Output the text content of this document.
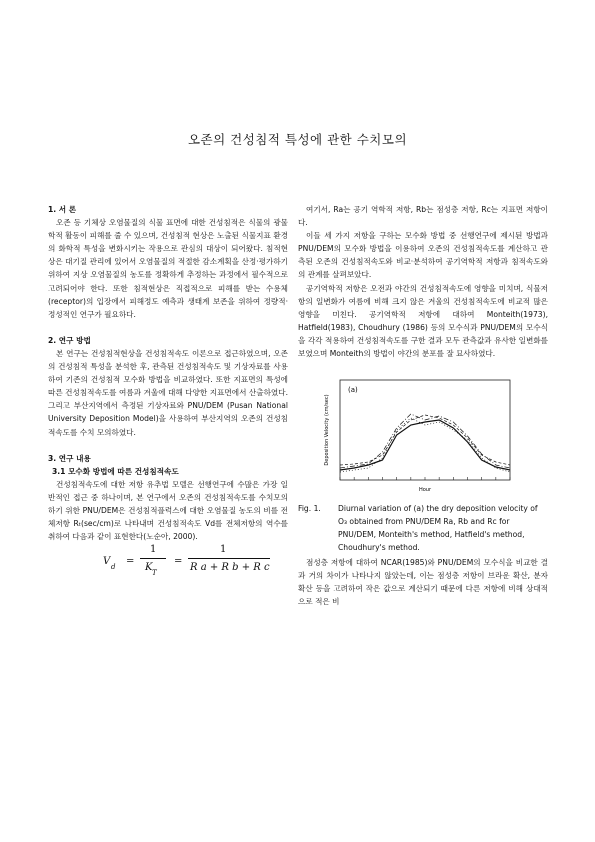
오존의 건성침적 특성에 관한 수치모의

1. 서 론

오존 등 기체상 오염물질의 식물 표면에 대한 건성침적은 식물의 광물학적 활동이 피해를 줄 수 있으며, 건성침적 현상은 노출된 식물지표 환경의 화학적 특성을 변화시키는 작용으로 관심의 대상이 되어왔다. 침적현상은 대기질 관리에 있어서 오염물질의 적절한 감소계획을 산정·평가하기 위하여 지상 오염물질의 농도를 정확하게 추정하는 과정에서 필수적으로 고려되어야 한다. 또한 침적현상은 직접적으로 피해를 받는 수용체(receptor)의 입장에서 피해정도 예측과 생태계 보존을 위하여 정량적·정성적인 연구가 필요하다.

2. 연구 방법

본 연구는 건성침적현상을 건성침적속도 이론으로 접근하였으며, 오존의 건성침적 특성을 분석한 후, 관측된 건성침적속도 및 기상자료를 사용하여 기존의 건성침적 모수화 방법을 비교하였다. 또한 지표면의 특성에 따른 건성침적속도를 여름과 겨울에 대해 다양한 지표면에서 산출하였다. 그리고 부산지역에서 측정된 기상자료와 PNU/DEM (Pusan National University Deposition Model)을 사용하여 부산지역의 오존의 건성침적속도를 수치 모의하였다.

3. 연구 내용

3.1 모수화 방법에 따른 건성침적속도

건성침적속도에 대한 저항 유추법 모델은 선행연구에 수많은 가장 일반적인 접근 중 하나이며, 본 연구에서 오존의 건성침적속도를 수치모의하기 위한 PNU/DEM은 건성침적플럭스에 대한 오염물질 농도의 비를 전체저항 Rₜ(sec/cm)로 나타내며 건성침적속도 Vd를 전체저항의 역수를 취하여 다음과 같이 표현한다(노순아, 2000).

V d =
1
K T
=
1
R a + R b + R c

여기서, Ra는 공기 역학적 저항, Rb는 점성층 저항, Rc는 지표면 저항이다.

이들 세 가지 저항을 구하는 모수화 방법 중 선행연구에 제시된 방법과 PNU/DEM의 모수화 방법을 이용하여 오존의 건성침적속도를 계산하고 관측된 오존의 건성침적속도와 비교·분석하여 공기역학적 저항과 침적속도와의 관계를 살펴보았다.

공기역학적 저항은 오전과 야간의 건성침적속도에 영향을 미치며, 식물저항의 일변화가 여름에 비해 크지 않은 겨울의 건성침적속도에 비교적 많은 영향을 미친다. 공기역학적 저항에 대하여 Monteith(1973), Hatfield(1983), Choudhury (1986) 등의 모수식과 PNU/DEM의 모수식을 각각 적용하여 건성침적속도를 구한 결과 모두 관측값과 유사한 일변화를 보였으며 Monteith의 방법이 야간의 분포를 잘 묘사하였다.

(a)
Deposition Velocity (cm/sec)
Hour
Fig. 1.	Diurnal variation of (a) the dry deposition velocity of O₃ obtained from PNU/DEM Ra, Rb and Rc for PNU/DEM, Monteith's method, Hatfield's method, Choudhury's method.

점성층 저항에 대하여 NCAR(1985)와 PNU/DEM의 모수식을 비교한 결과 거의 차이가 나타나지 않았는데, 이는 점성층 저항이 브라운 확산, 분자 확산 등을 고려하여 작은 값으로 계산되기 때문에 다른 저항에 비해 상대적으로 적은 비
